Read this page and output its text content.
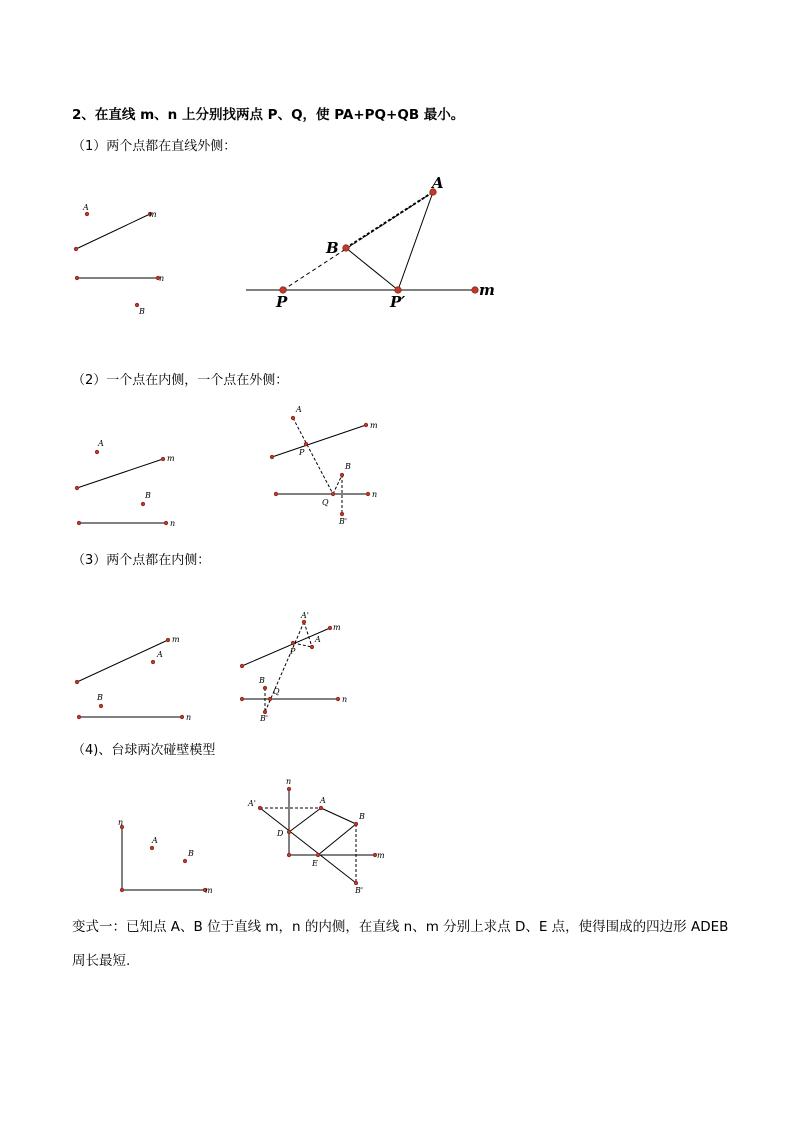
2、在直线 m、n 上分别找两点 P、Q，使 PA+PQ+QB 最小。
（1）两个点都在直线外侧：
（2）一个点在内侧，一个点在外侧：
（3）两个点都在内侧：
（4)、台球两次碰壁模型
变式一：已知点 A、B 位于直线 m，n 的内侧，在直线 n、m 分别上求点 D、E 点，使得围成的四边形 ADEB 周长最短.
A
m
n
B
A
B
P	P′
m
A
m
B
n
A
m
P
B
n
Q
B'
m
A
B
n
A'
m
A
P
B
Q
n
B'
n
A
B
m
n
A'	A
B
D
m
E
B'
